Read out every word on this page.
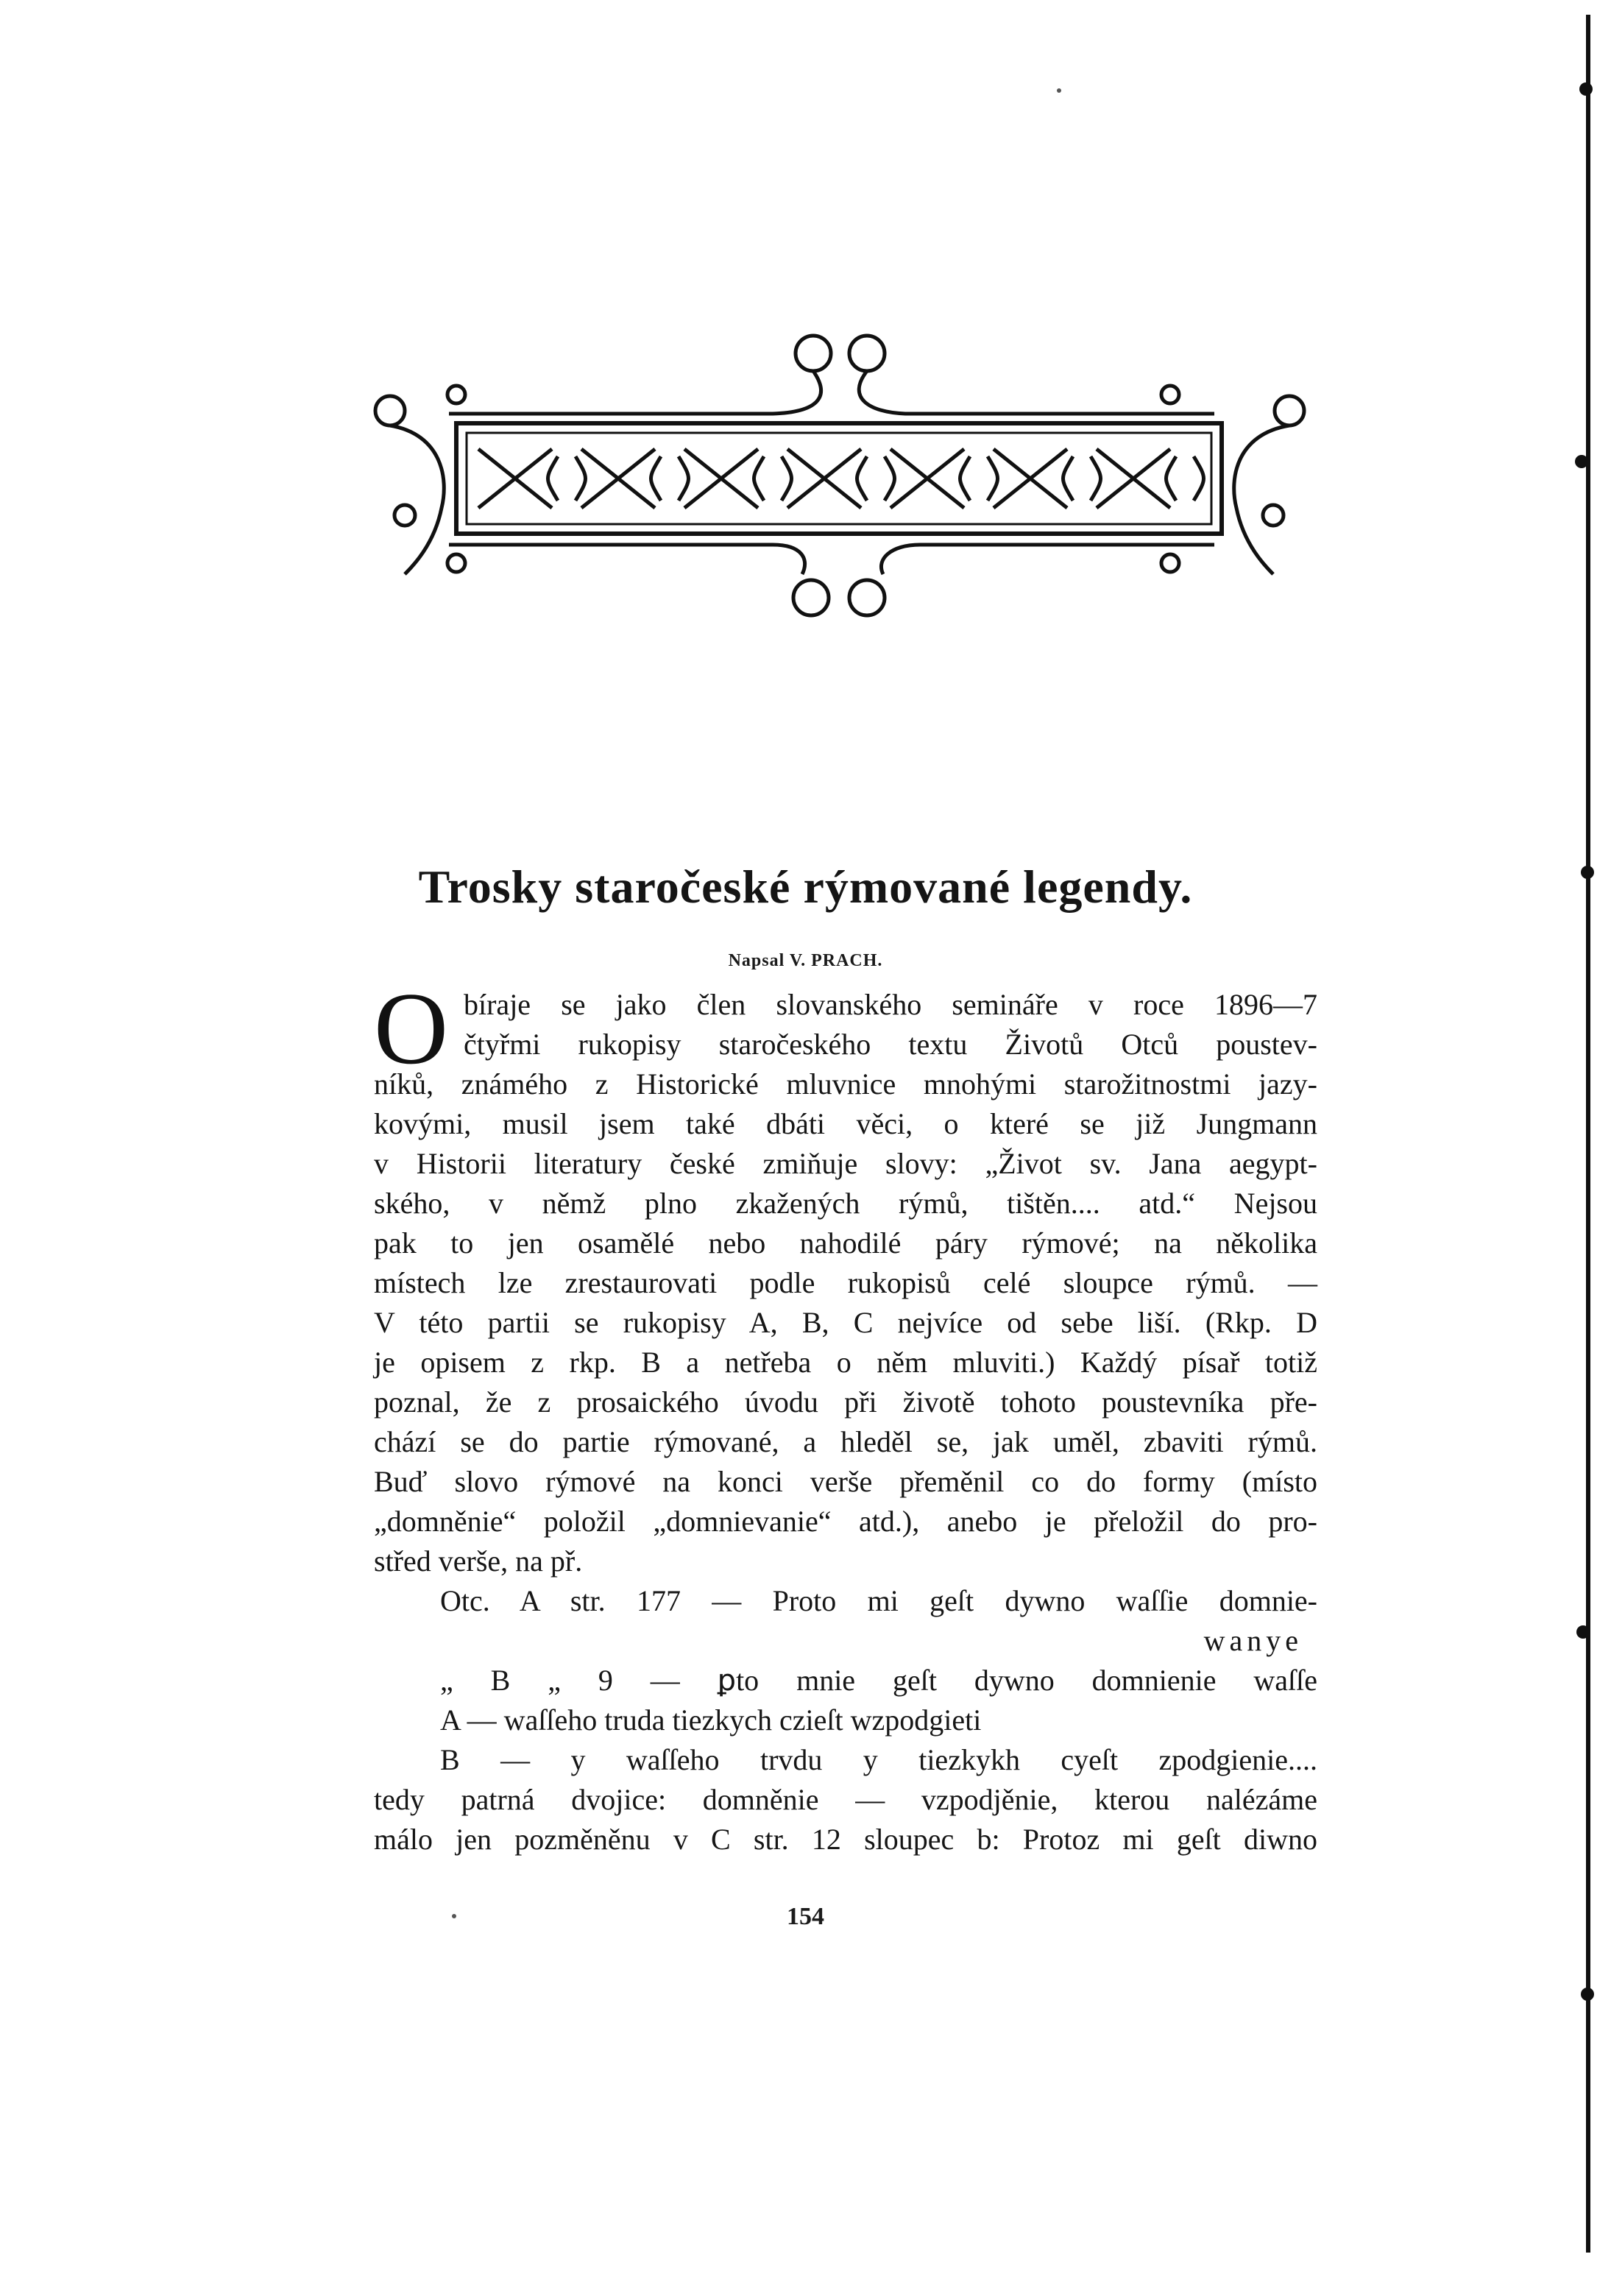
Trosky staročeské rýmované legendy.
Napsal V. PRACH.
O bíraje se jako člen slovanského semináře v roce 1896—7
čtyřmi rukopisy staročeského textu Životů Otců poustev-
níků, známého z Historické mluvnice mnohými starožitnostmi jazy-
kovými, musil jsem také dbáti věci, o které se již Jungmann
v Historii literatury české zmiňuje slovy: „Život sv. Jana aegypt-
ského, v němž plno zkažených rýmů, tištěn.... atd.“ Nejsou
pak to jen osamělé nebo nahodilé páry rýmové; na několika
místech lze zrestaurovati podle rukopisů celé sloupce rýmů. —
V této partii se rukopisy A, B, C nejvíce od sebe liší. (Rkp. D
je opisem z rkp. B a netřeba o něm mluviti.) Každý písař totiž
poznal, že z prosaického úvodu při životě tohoto poustevníka pře-
chází se do partie rýmované, a hleděl se, jak uměl, zbaviti rýmů.
Buď slovo rýmové na konci verše přeměnil co do formy (místo
„domněnie“ položil „domnievanie“ atd.), anebo je přeložil do pro-
střed verše, na př.
Otc. A str. 177 — Proto mi geſt dywno waſſie domnie-
wanye
„ B „ 9 — ꝑto mnie geſt dywno domnienie waſſe
A — waſſeho truda tiezkych czieſt wzpodgieti
B — y waſſeho trvdu y tiezkykh cyeſt zpodgienie....
tedy patrná dvojice: domněnie — vzpodjěnie, kterou nalézáme
málo jen pozměněnu v C str. 12 sloupec b: Protoz mi geſt diwno
154
